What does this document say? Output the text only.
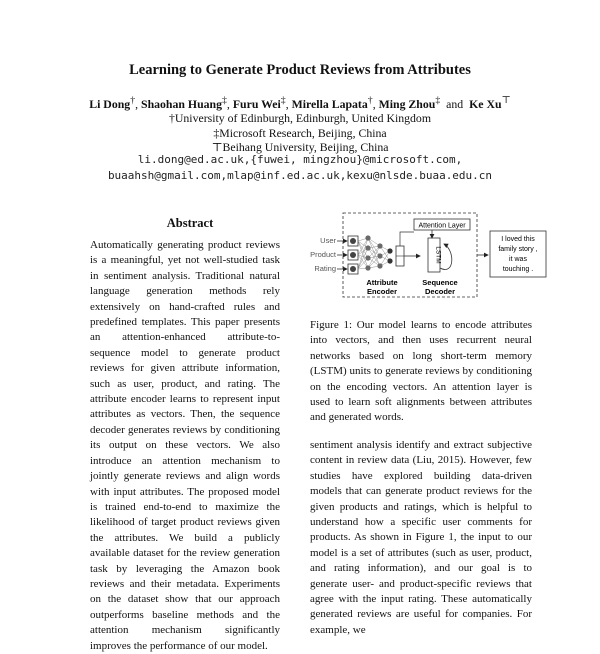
Learning to Generate Product Reviews from Attributes
Li Dong†, Shaohan Huang‡, Furu Wei‡, Mirella Lapata†, Ming Zhou‡ and Ke Xu⊤
†University of Edinburgh, Edinburgh, United Kingdom
‡Microsoft Research, Beijing, China
⊤Beihang University, Beijing, China
li.dong@ed.ac.uk,{fuwei, mingzhou}@microsoft.com,
buaahsh@gmail.com,mlap@inf.ed.ac.uk,kexu@nlsde.buaa.edu.cn
Abstract

Automatically generating product reviews is a meaningful, yet not well-studied task in sentiment analysis. Traditional natural language generation methods rely extensively on hand-crafted rules and predefined templates. This paper presents an attention-enhanced attribute-to-sequence model to generate product reviews for given attribute information, such as user, product, and rating. The attribute encoder learns to represent input attributes as vectors. Then, the sequence decoder generates reviews by conditioning its output on these vectors. We also introduce an attention mechanism to jointly generate reviews and align words with input attributes. The proposed model is trained end-to-end to maximize the likelihood of target product reviews given the attributes. We build a publicly available dataset for the review generation task by leveraging the Amazon book reviews and their metadata. Experiments on the dataset show that our approach outperforms baseline methods and the attention mechanism significantly improves the performance of our model.

User
Product
Rating
Attention Layer
LSTM
Attribute
Encoder
Sequence
Decoder
I loved this
family story ,
it was
touching .

Figure 1: Our model learns to encode attributes into vectors, and then uses recurrent neural networks based on long short-term memory (LSTM) units to generate reviews by conditioning on the encoding vectors. An attention layer is used to learn soft alignments between attributes and generated words.

sentiment analysis identify and extract subjective content in review data (Liu, 2015). However, few studies have explored building data-driven models that can generate product reviews for the given products and ratings, which is helpful to understand how a specific user comments for products. As shown in Figure 1, the input to our model is a set of attributes (such as user, product, and rating information), and our goal is to generate user- and product-specific reviews that agree with the input rating. These automatically generated reviews are useful for companies. For example, we
